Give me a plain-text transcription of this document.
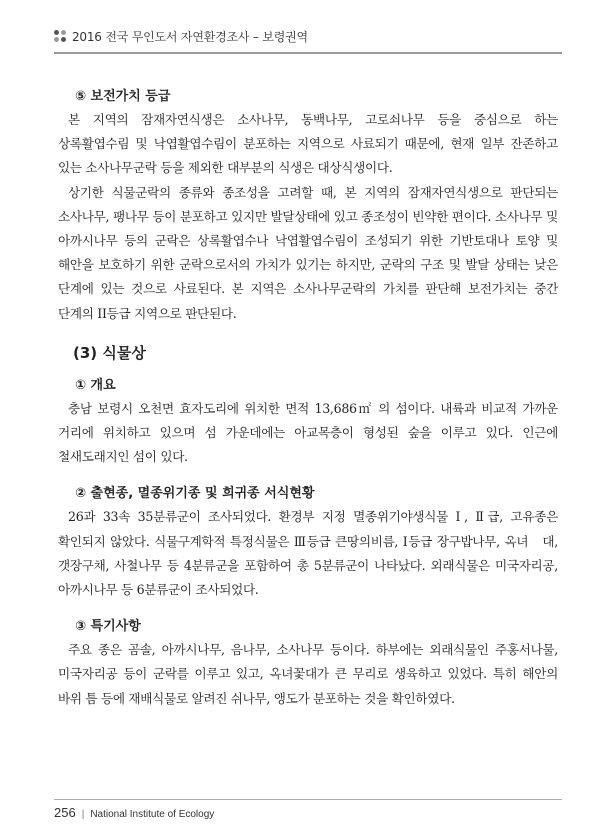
2016 전국 무인도서 자연환경조사 – 보령권역
⑤ 보전가치 등급

본 지역의 잠재자연식생은 소사나무, 동백나무, 고로쇠나무 등을 중심으로 하는 상록활엽수림 및 낙엽활엽수림이 분포하는 지역으로 사료되기 때문에, 현재 일부 잔존하고 있는 소사나무군락 등을 제외한 대부분의 식생은 대상식생이다.

상기한 식물군락의 종류와 종조성을 고려할 때, 본 지역의 잠재자연식생으로 판단되는 소사나무, 팽나무 등이 분포하고 있지만 발달상태에 있고 종조성이 빈약한 편이다. 소사나무 및 아까시나무 등의 군락은 상록활엽수나 낙엽활엽수림이 조성되기 위한 기반토대나 토양 및 해안을 보호하기 위한 군락으로서의 가치가 있기는 하지만, 군락의 구조 및 발달 상태는 낮은 단계에 있는 것으로 사료된다. 본 지역은 소사나무군락의 가치를 판단해 보전가치는 중간 단계의 II등급 지역으로 판단된다.

(3) 식물상
① 개요

충남 보령시 오천면 효자도리에 위치한 면적 13,686㎡ 의 섬이다. 내륙과 비교적 가까운 거리에 위치하고 있으며 섬 가운데에는 아교목층이 형성된 숲을 이루고 있다. 인근에 철새도래지인 섬이 있다.

② 출현종, 멸종위기종 및 희귀종 서식현황

26과 33속 35분류군이 조사되었다. 환경부 지정 멸종위기야생식물 Ⅰ, Ⅱ급, 고유종은 확인되지 않았다. 식물구계학적 특정식물은 Ⅲ등급 큰땅의비름, Ⅰ등급 장구밥나무, 옥녀　대, 갯장구채, 사철나무 등 4분류군을 포함하여 총 5분류군이 나타났다. 외래식물은 미국자리공, 아까시나무 등 6분류군이 조사되었다.

③ 특기사항

주요 종은 곰솔, 아까시나무, 음나무, 소사나무 등이다. 하부에는 외래식물인 주홍서나물, 미국자리공 등이 군락를 이루고 있고, 옥녀꽃대가 큰 무리로 생육하고 있었다. 특히 해안의 바위 틈 등에 재배식물로 알려진 쉬나무, 앵도가 분포하는 것을 확인하였다.

256 | National Institute of Ecology
